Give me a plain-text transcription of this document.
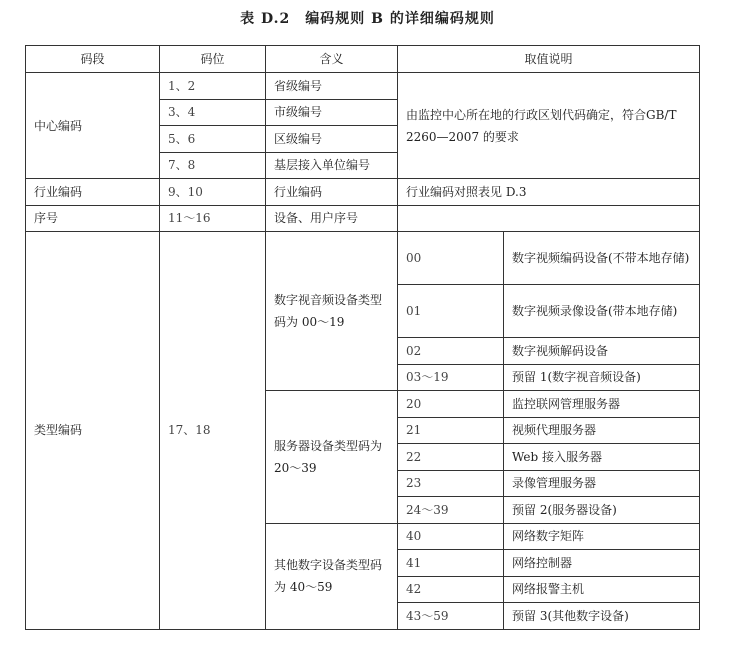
表 D.2　编码规则 B 的详细编码规则
码段	码位	含义	取值说明	
中心编码	1、2	省级编号	由监控中心所在地的行政区划代码确定，符合GB/T 2260—2007 的要求	
	3、4	市级编号		
	5、6	区级编号		
	7、8	基层接入单位编号		
行业编码	9、10	行业编码	行业编码对照表见 D.3	
序号	11～16	设备、用户序号		
类型编码	17、18	数字视音频设备类型码为 00～19	00	数字视频编码设备(不带本地存储)
			01	数字视频录像设备(带本地存储)
			02	数字视频解码设备
			03～19	预留 1(数字视音频设备)
		服务器设备类型码为 20～39	20	监控联网管理服务器
			21	视频代理服务器
			22	Web 接入服务器
			23	录像管理服务器
			24～39	预留 2(服务器设备)
		其他数字设备类型码为 40～59	40	网络数字矩阵
			41	网络控制器
			42	网络报警主机
			43～59	预留 3(其他数字设备)
